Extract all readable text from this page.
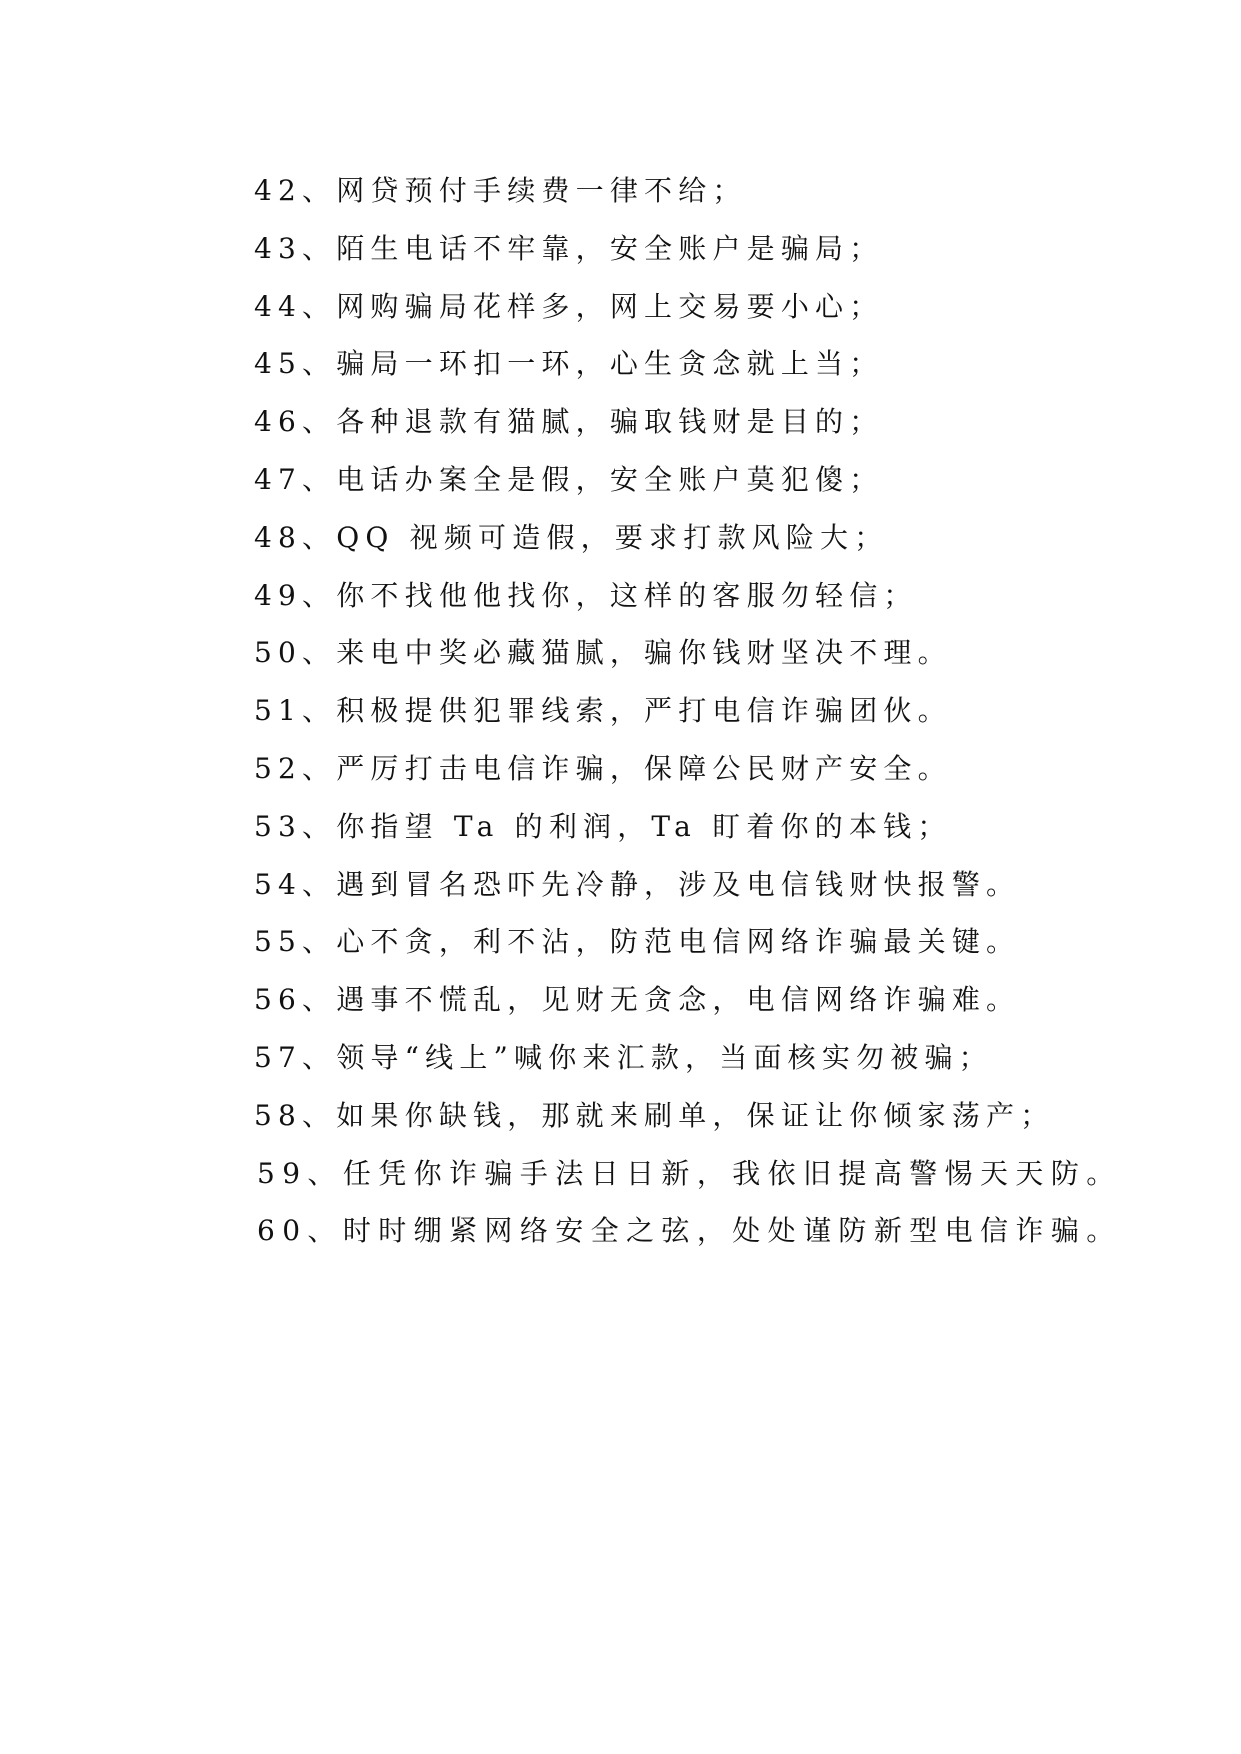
42、网贷预付手续费一律不给；
43、陌生电话不牢靠，安全账户是骗局；
44、网购骗局花样多，网上交易要小心；
45、骗局一环扣一环，心生贪念就上当；
46、各种退款有猫腻，骗取钱财是目的；
47、电话办案全是假，安全账户莫犯傻；
48、QQ 视频可造假，要求打款风险大；
49、你不找他他找你，这样的客服勿轻信；
50、来电中奖必藏猫腻，骗你钱财坚决不理。
51、积极提供犯罪线索，严打电信诈骗团伙。
52、严厉打击电信诈骗，保障公民财产安全。
53、你指望 Ta 的利润，Ta 盯着你的本钱；
54、遇到冒名恐吓先冷静，涉及电信钱财快报警。
55、心不贪，利不沾，防范电信网络诈骗最关键。
56、遇事不慌乱，见财无贪念，电信网络诈骗难。
57、领导“线上”喊你来汇款，当面核实勿被骗；
58、如果你缺钱，那就来刷单，保证让你倾家荡产；
59、任凭你诈骗手法日日新，我依旧提高警惕天天防。
60、时时绷紧网络安全之弦，处处谨防新型电信诈骗。
